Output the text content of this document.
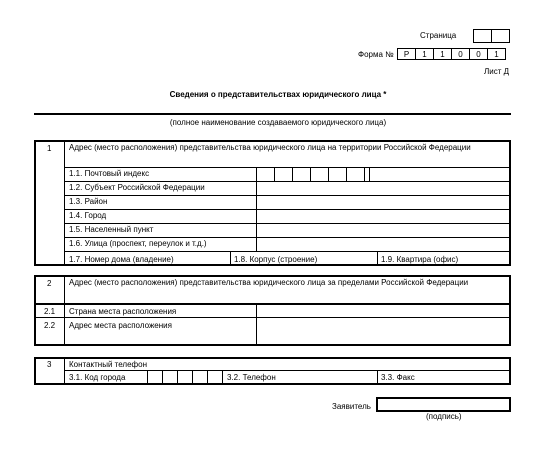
Страница
Форма №	Р	1	1	0	0	1
Лист Д
Сведения о представительствах юридического лица *
(полное наименование создаваемого юридического лица)
1 Адрес (место расположения) представительства юридического лица на территории Российской Федерации
1.1. Почтовый индекс
1.2. Субъект Российской Федерации
1.3. Район
1.4. Город
1.5. Населенный пункт
1.6. Улица (проспект, переулок и т.д.)
1.7. Номер дома (владение)	1.8. Корпус (строение)	1.9. Квартира (офис)
2 Адрес (место расположения) представительства юридического лица за пределами Российской Федерации
2.1 Страна места расположения
2.2 Адрес места расположения
3 Контактный телефон
3.1. Код города	3.2. Телефон	3.3. Факс
Заявитель
(подпись)
